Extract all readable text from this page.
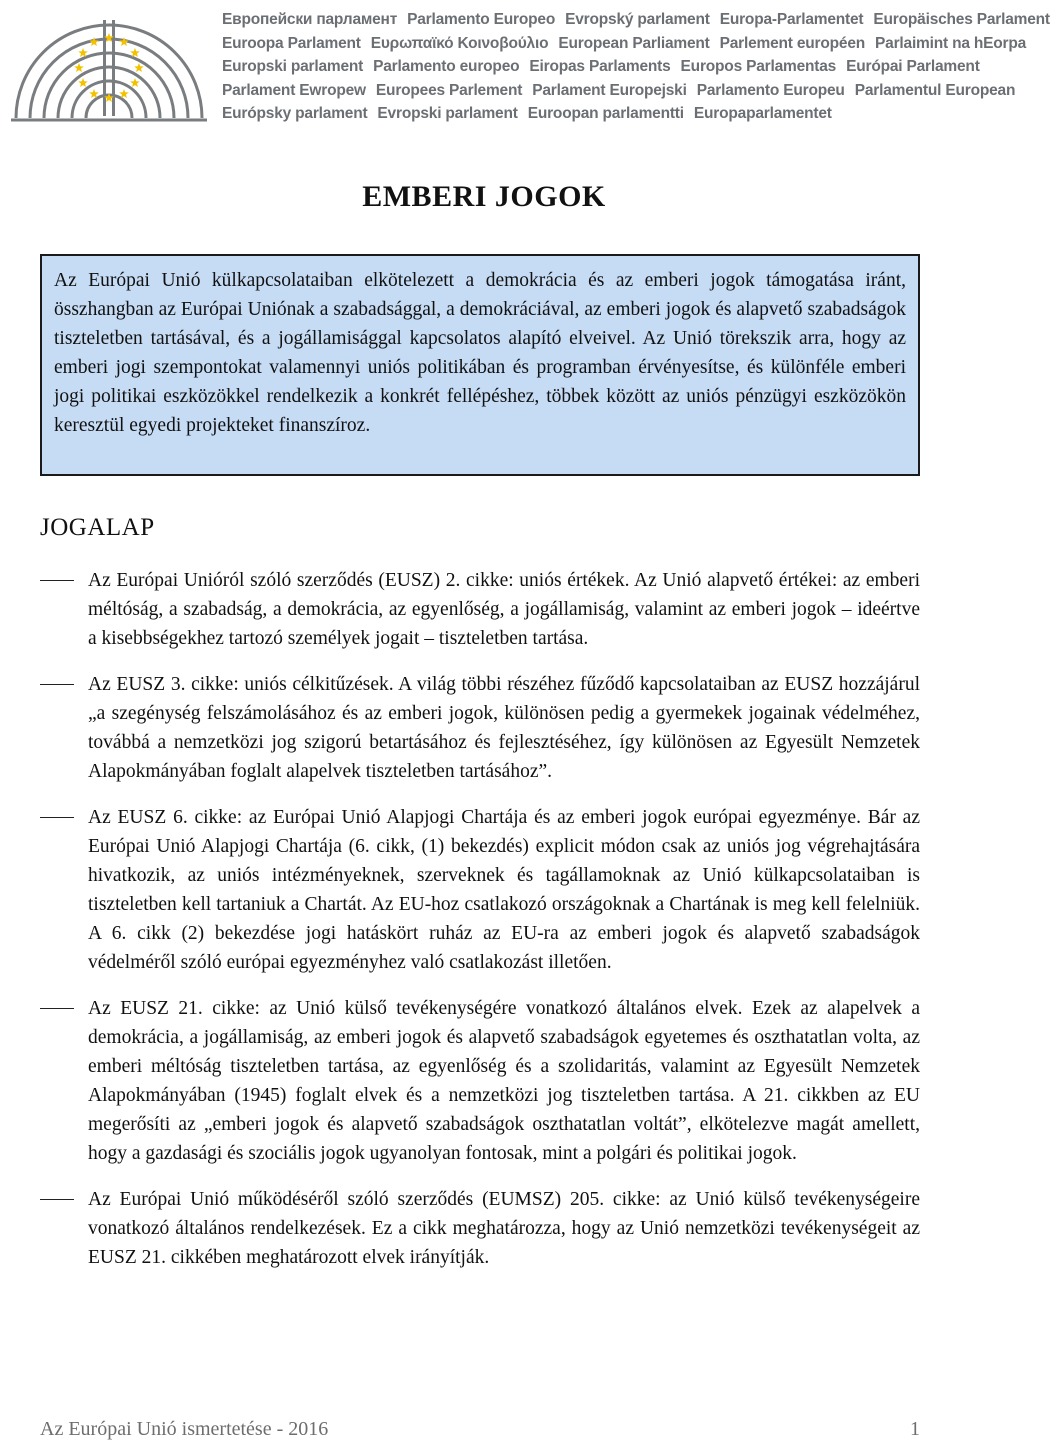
Европейски парламент Parlamento Europeo Evropský parlament Europa-Parlamentet Europäisches Parlament
Euroopa Parlament Ευρωπαϊκό Κοινοβούλιο European Parliament Parlement européen Parlaimint na hEorpa
Europski parlament Parlamento europeo Eiropas Parlaments Europos Parlamentas Európai Parlament
Parlament Ewropew Europees Parlement Parlament Europejski Parlamento Europeu Parlamentul European
Európsky parlament Evropski parlament Euroopan parlamentti Europaparlamentet
EMBERI JOGOK
Az Európai Unió külkapcsolataiban elkötelezett a demokrácia és az emberi jogok támogatása iránt, összhangban az Európai Uniónak a szabadsággal, a demokráciával, az emberi jogok és alapvető szabadságok tiszteletben tartásával, és a jogállamisággal kapcsolatos alapító elveivel. Az Unió törekszik arra, hogy az emberi jogi szempontokat valamennyi uniós politikában és programban érvényesítse, és különféle emberi jogi politikai eszközökkel rendelkezik a konkrét fellépéshez, többek között az uniós pénzügyi eszközökön keresztül egyedi projekteket finanszíroz.
JOGALAP
Az Európai Unióról szóló szerződés (EUSZ) 2. cikke: uniós értékek. Az Unió alapvető értékei: az emberi méltóság, a szabadság, a demokrácia, az egyenlőség, a jogállamiság, valamint az emberi jogok – ideértve a kisebbségekhez tartozó személyek jogait – tiszteletben tartása.
Az EUSZ 3. cikke: uniós célkitűzések. A világ többi részéhez fűződő kapcsolataiban az EUSZ hozzájárul „a szegénység felszámolásához és az emberi jogok, különösen pedig a gyermekek jogainak védelméhez, továbbá a nemzetközi jog szigorú betartásához és fejlesztéséhez, így különösen az Egyesült Nemzetek Alapokmányában foglalt alapelvek tiszteletben tartásához”.
Az EUSZ 6. cikke: az Európai Unió Alapjogi Chartája és az emberi jogok európai egyezménye. Bár az Európai Unió Alapjogi Chartája (6. cikk, (1) bekezdés) explicit módon csak az uniós jog végrehajtására hivatkozik, az uniós intézményeknek, szerveknek és tagállamoknak az Unió külkapcsolataiban is tiszteletben kell tartaniuk a Chartát. Az EU-hoz csatlakozó országoknak a Chartának is meg kell felelniük. A 6. cikk (2) bekezdése jogi hatáskört ruház az EU-ra az emberi jogok és alapvető szabadságok védelméről szóló európai egyezményhez való csatlakozást illetően.
Az EUSZ 21. cikke: az Unió külső tevékenységére vonatkozó általános elvek. Ezek az alapelvek a demokrácia, a jogállamiság, az emberi jogok és alapvető szabadságok egyetemes és oszthatatlan volta, az emberi méltóság tiszteletben tartása, az egyenlőség és a szolidaritás, valamint az Egyesült Nemzetek Alapokmányában (1945) foglalt elvek és a nemzetközi jog tiszteletben tartása. A 21. cikkben az EU megerősíti az „emberi jogok és alapvető szabadságok oszthatatlan voltát”, elkötelezve magát amellett, hogy a gazdasági és szociális jogok ugyanolyan fontosak, mint a polgári és politikai jogok.
Az Európai Unió működéséről szóló szerződés (EUMSZ) 205. cikke: az Unió külső tevékenységeire vonatkozó általános rendelkezések. Ez a cikk meghatározza, hogy az Unió nemzetközi tevékenységeit az EUSZ 21. cikkében meghatározott elvek irányítják.
Az Európai Unió ismertetése - 2016	1
